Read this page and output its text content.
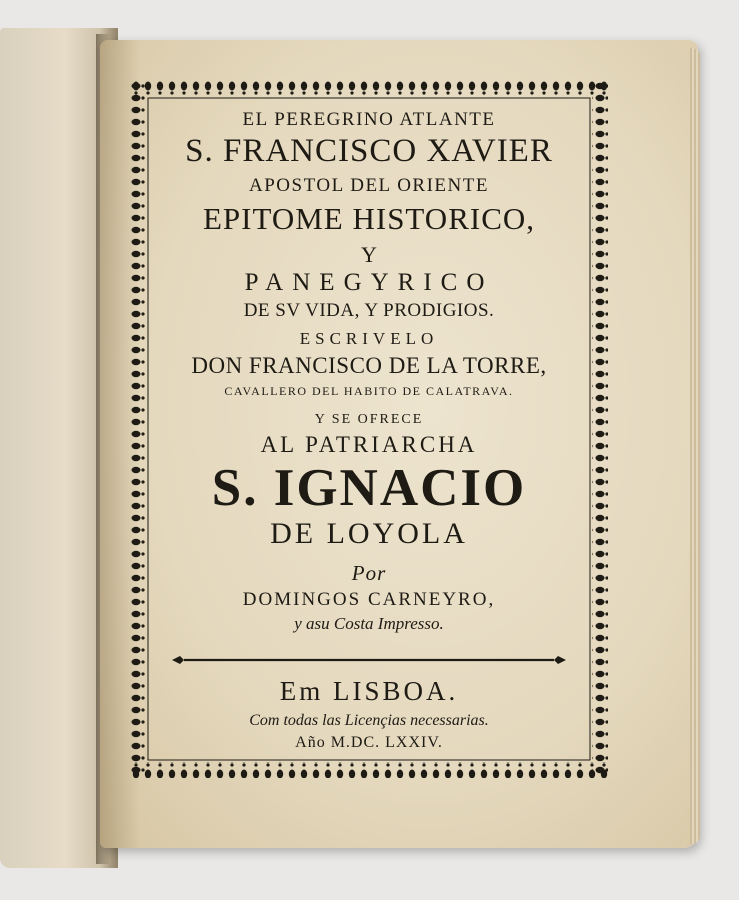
EL PEREGRINO ATLANTE
S. FRANCISCO XAVIER
APOSTOL DEL ORIENTE
EPITOME HISTORICO,
Y
PANEGYRICO
DE SV VIDA, Y PRODIGIOS.
ESCRIVELO
DON FRANCISCO DE LA TORRE,
CAVALLERO DEL HABITO DE CALATRAVA.
Y SE OFRECE
AL PATRIARCHA
S. IGNACIO
DE LOYOLA
Por
DOMINGOS CARNEYRO,
y asu Costa Impresso.
Em LISBOA.
Com todas las Licençias necessarias.
Año M.DC. LXXIV.
